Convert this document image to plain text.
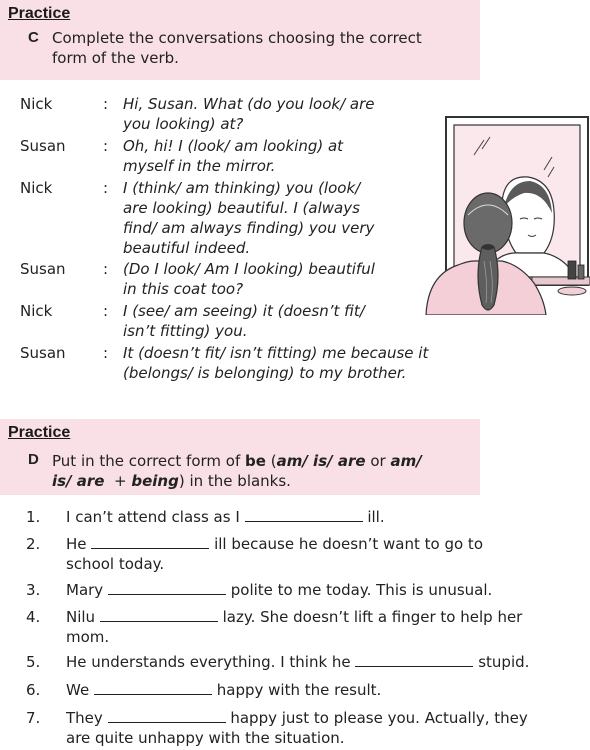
Practice
C Complete the conversations choosing the correct
form of the verb.
Nick	: Hi, Susan. What (do you look/ are
you looking) at?
Susan : Oh, hi! I (look/ am looking) at
myself in the mirror.
Nick	: I (think/ am thinking) you (look/
are looking) beautiful. I (always
find/ am always finding) you very
beautiful indeed.
Susan : (Do I look/ Am I looking) beautiful
in this coat too?
Nick	: I (see/ am seeing) it (doesn’t fit/
isn’t fitting) you.
Susan : It (doesn’t fit/ isn’t fitting) me because it
(belongs/ is belonging) to my brother.
Practice
D Put in the correct form of be (am/ is/ are or am/
is/ are + being) in the blanks.
1. I can’t attend class as I	ill.
2. He	ill because he doesn’t want to go to
school today.
3. Mary	polite to me today. This is unusual.
4. Nilu	lazy. She doesn’t lift a finger to help her
mom.
5. He understands everything. I think he	stupid.
6. We	happy with the result.
7. They	happy just to please you. Actually, they
are quite unhappy with the situation.
